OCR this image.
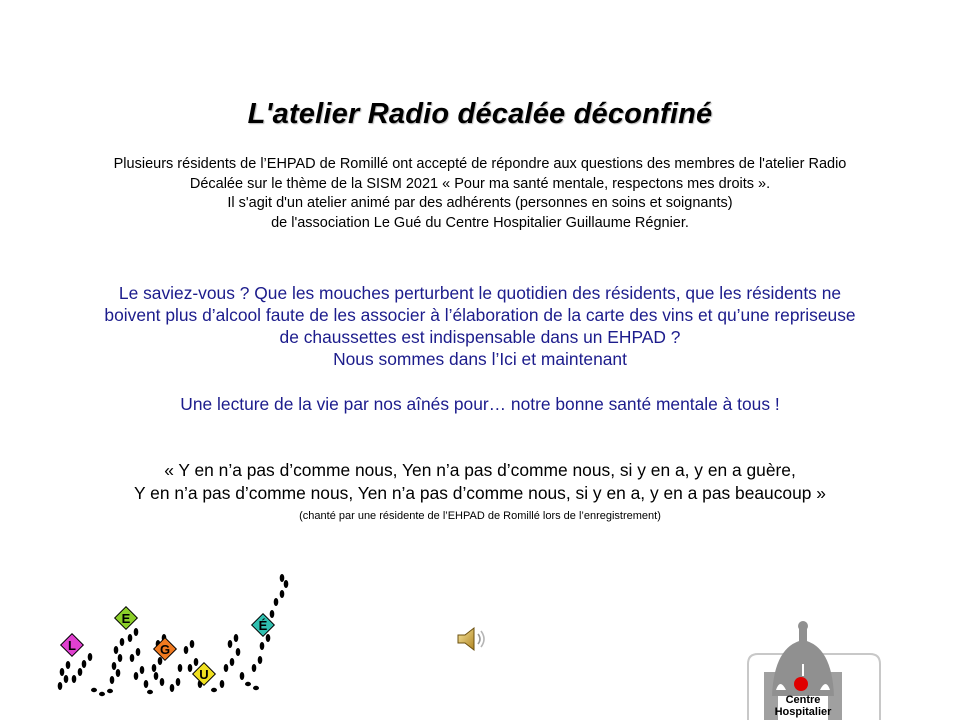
L'atelier Radio décalée déconfiné
Plusieurs résidents de l’EHPAD de Romillé ont accepté de répondre aux questions des membres de l'atelier Radio
Décalée sur le thème de la SISM 2021 « Pour ma santé mentale, respectons mes droits ».
Il s'agit d'un atelier animé par des adhérents (personnes en soins et soignants)
de l'association Le Gué du Centre Hospitalier Guillaume Régnier.
Le saviez-vous ? Que les mouches perturbent le quotidien des résidents, que les résidents ne
boivent plus d’alcool faute de les associer à l’élaboration de la carte des vins et qu’une repriseuse
de chaussettes est indispensable dans un EHPAD ?
Nous sommes dans l’Ici et maintenant
Une lecture de la vie par nos aînés pour… notre bonne santé mentale à tous !
« Y en n’a pas d’comme nous, Yen n’a pas d’comme nous, si y en a, y en a guère,
Y en n’a pas d’comme nous, Yen n’a pas d’comme nous, si y en a, y en a pas beaucoup »
(chanté par une résidente de l’EHPAD de Romillé lors de l’enregistrement)
L
E
G
U
É
Centre
Hospitalier
